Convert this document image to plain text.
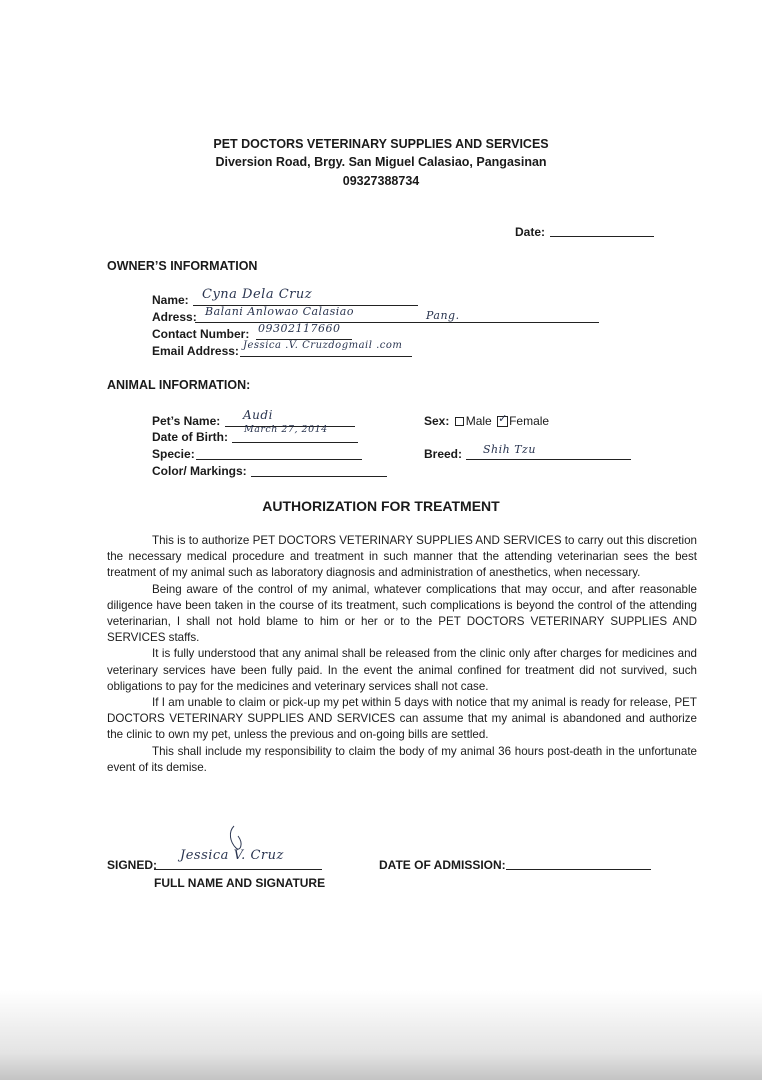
PET DOCTORS VETERINARY SUPPLIES AND SERVICES
Diversion Road, Brgy. San Miguel Calasiao, Pangasinan
09327388734
Date:
OWNER’S INFORMATION
Name: Cyna Dela Cruz
Adress: Balani Anlowao Calasiao	Pang.
Contact Number: 09302117660
Email Address: Jessica .V. Cruzdogmail .com
ANIMAL INFORMATION:
Pet’s Name: Audi
Date of Birth:
March 27, 2014
Specie:
Color/ Markings:
Sex: Male ✓ Female
Breed: Shih Tzu
AUTHORIZATION FOR TREATMENT

This is to authorize PET DOCTORS VETERINARY SUPPLIES AND SERVICES to carry out this discretion the necessary medical procedure and treatment in such manner that the attending veterinarian sees the best treatment of my animal such as laboratory diagnosis and administration of anesthetics, when necessary.

Being aware of the control of my animal, whatever complications that may occur, and after reasonable diligence have been taken in the course of its treatment, such complications is beyond the control of the attending veterinarian, I shall not hold blame to him or her or to the PET DOCTORS VETERINARY SUPPLIES AND SERVICES staffs.

It is fully understood that any animal shall be released from the clinic only after charges for medicines and veterinary services have been fully paid. In the event the animal confined for treatment did not survived, such obligations to pay for the medicines and veterinary services shall not case.

If I am unable to claim or pick-up my pet within 5 days with notice that my animal is ready for release, PET DOCTORS VETERINARY SUPPLIES AND SERVICES can assume that my animal is abandoned and authorize the clinic to own my pet, unless the previous and on-going bills are settled.

This shall include my responsibility to claim the body of my animal 36 hours post-death in the unfortunate event of its demise.

SIGNED:
Jessica V. Cruz
FULL NAME AND SIGNATURE
DATE OF ADMISSION:
